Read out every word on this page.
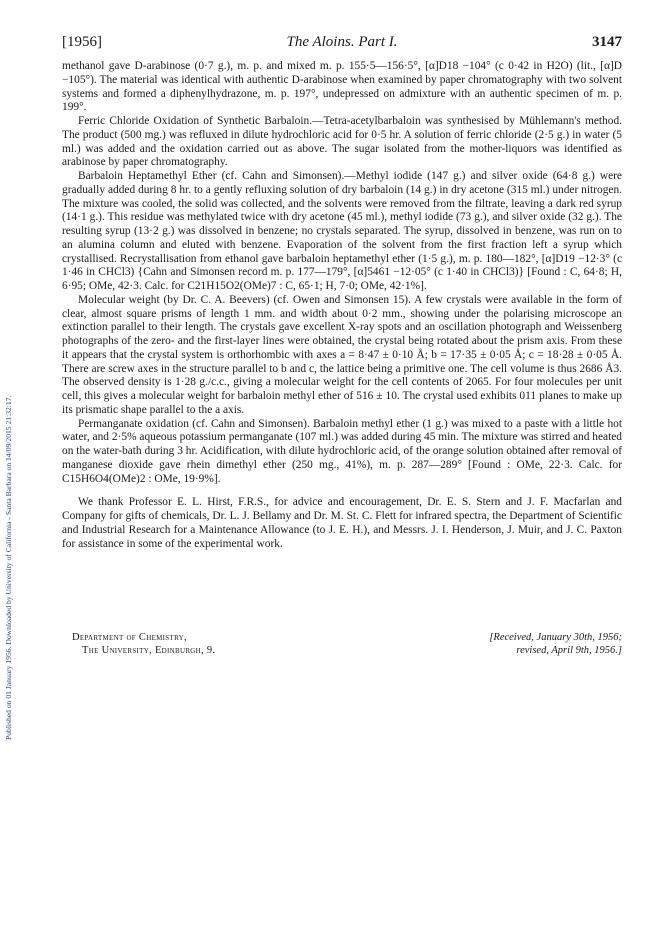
Published on 01 January 1956. Downloaded by University of California - Santa Barbara on 14/09/2015 21:32:17.
[1956]	The Aloins. Part I.	3147

methanol gave D-arabinose (0·7 g.), m. p. and mixed m. p. 155·5—156·5°, [α]D18 −104° (c 0·42 in H2O) (lit., [α]D −105°). The material was identical with authentic D-arabinose when examined by paper chromatography with two solvent systems and formed a diphenylhydrazone, m. p. 197°, undepressed on admixture with an authentic specimen of m. p. 199°.

Ferric Chloride Oxidation of Synthetic Barbaloin.—Tetra-acetylbarbaloin was synthesised by Mühlemann's method. The product (500 mg.) was refluxed in dilute hydrochloric acid for 0·5 hr. A solution of ferric chloride (2·5 g.) in water (5 ml.) was added and the oxidation carried out as above. The sugar isolated from the mother-liquors was identified as arabinose by paper chromatography.

Barbaloin Heptamethyl Ether (cf. Cahn and Simonsen).—Methyl iodide (147 g.) and silver oxide (64·8 g.) were gradually added during 8 hr. to a gently refluxing solution of dry barbaloin (14 g.) in dry acetone (315 ml.) under nitrogen. The mixture was cooled, the solid was collected, and the solvents were removed from the filtrate, leaving a dark red syrup (14·1 g.). This residue was methylated twice with dry acetone (45 ml.), methyl iodide (73 g.), and silver oxide (32 g.). The resulting syrup (13·2 g.) was dissolved in benzene; no crystals separated. The syrup, dissolved in benzene, was run on to an alumina column and eluted with benzene. Evaporation of the solvent from the first fraction left a syrup which crystallised. Recrystallisation from ethanol gave barbaloin heptamethyl ether (1·5 g.), m. p. 180—182°, [α]D19 −12·3° (c 1·46 in CHCl3) {Cahn and Simonsen record m. p. 177—179°, [α]5461 −12·05° (c 1·40 in CHCl3)} [Found : C, 64·8; H, 6·95; OMe, 42·3. Calc. for C21H15O2(OMe)7 : C, 65·1; H, 7·0; OMe, 42·1%].

Molecular weight (by Dr. C. A. Beevers) (cf. Owen and Simonsen 15). A few crystals were available in the form of clear, almost square prisms of length 1 mm. and width about 0·2 mm., showing under the polarising microscope an extinction parallel to their length. The crystals gave excellent X-ray spots and an oscillation photograph and Weissenberg photographs of the zero- and the first-layer lines were obtained, the crystal being rotated about the prism axis. From these it appears that the crystal system is orthorhombic with axes a = 8·47 ± 0·10 Å; b = 17·35 ± 0·05 Å; c = 18·28 ± 0·05 Å. There are screw axes in the structure parallel to b and c, the lattice being a primitive one. The cell volume is thus 2686 Å3. The observed density is 1·28 g./c.c., giving a molecular weight for the cell contents of 2065. For four molecules per unit cell, this gives a molecular weight for barbaloin methyl ether of 516 ± 10. The crystal used exhibits 011 planes to make up its prismatic shape parallel to the a axis.

Permanganate oxidation (cf. Cahn and Simonsen). Barbaloin methyl ether (1 g.) was mixed to a paste with a little hot water, and 2·5% aqueous potassium permanganate (107 ml.) was added during 45 min. The mixture was stirred and heated on the water-bath during 3 hr. Acidification, with dilute hydrochloric acid, of the orange solution obtained after removal of manganese dioxide gave rhein dimethyl ether (250 mg., 41%), m. p. 287—289° [Found : OMe, 22·3. Calc. for C15H6O4(OMe)2 : OMe, 19·9%].

We thank Professor E. L. Hirst, F.R.S., for advice and encouragement, Dr. E. S. Stern and J. F. Macfarlan and Company for gifts of chemicals, Dr. L. J. Bellamy and Dr. M. St. C. Flett for infrared spectra, the Department of Scientific and Industrial Research for a Maintenance Allowance (to J. E. H.), and Messrs. J. I. Henderson, J. Muir, and J. C. Paxton for assistance in some of the experimental work.

Department of Chemistry,
The University, Edinburgh, 9.
[Received, January 30th, 1956;
revised, April 9th, 1956.]
